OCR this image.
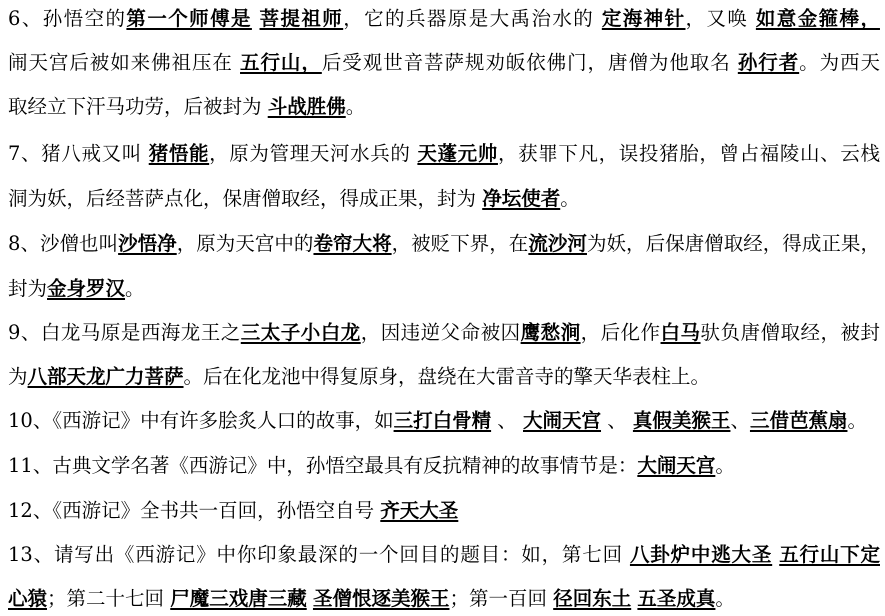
6、孙悟空的第一个师傅是 菩提祖师，它的兵器原是大禹治水的 定海神针，又唤 如意金箍棒，
闹天宫后被如来佛祖压在 五行山，后受观世音菩萨规劝皈依佛门，唐僧为他取名 孙行者。为西天
取经立下汗马功劳，后被封为 斗战胜佛。
7、猪八戒又叫 猪悟能，原为管理天河水兵的 天蓬元帅，获罪下凡，误投猪胎，曾占福陵山、云栈
洞为妖，后经菩萨点化，保唐僧取经，得成正果，封为 净坛使者。
8、沙僧也叫沙悟净，原为天宫中的卷帘大将，被贬下界，在流沙河为妖，后保唐僧取经，得成正果，
封为金身罗汉。
9、白龙马原是西海龙王之三太子小白龙，因违逆父命被囚鹰愁涧，后化作白马驮负唐僧取经，被封
为八部天龙广力菩萨。后在化龙池中得复原身，盘绕在大雷音寺的擎天华表柱上。
10、《西游记》中有许多脍炙人口的故事，如三打白骨精 、 大闹天宫 、 真假美猴王、三借芭蕉扇。
11、古典文学名著《西游记》中，孙悟空最具有反抗精神的故事情节是：大闹天宫。
12、《西游记》全书共一百回，孙悟空自号 齐天大圣
13、请写出《西游记》中你印象最深的一个回目的题目：如，第七回 八卦炉中逃大圣 五行山下定
心猿；第二十七回 尸魔三戏唐三藏 圣僧恨逐美猴王；第一百回 径回东土 五圣成真。
